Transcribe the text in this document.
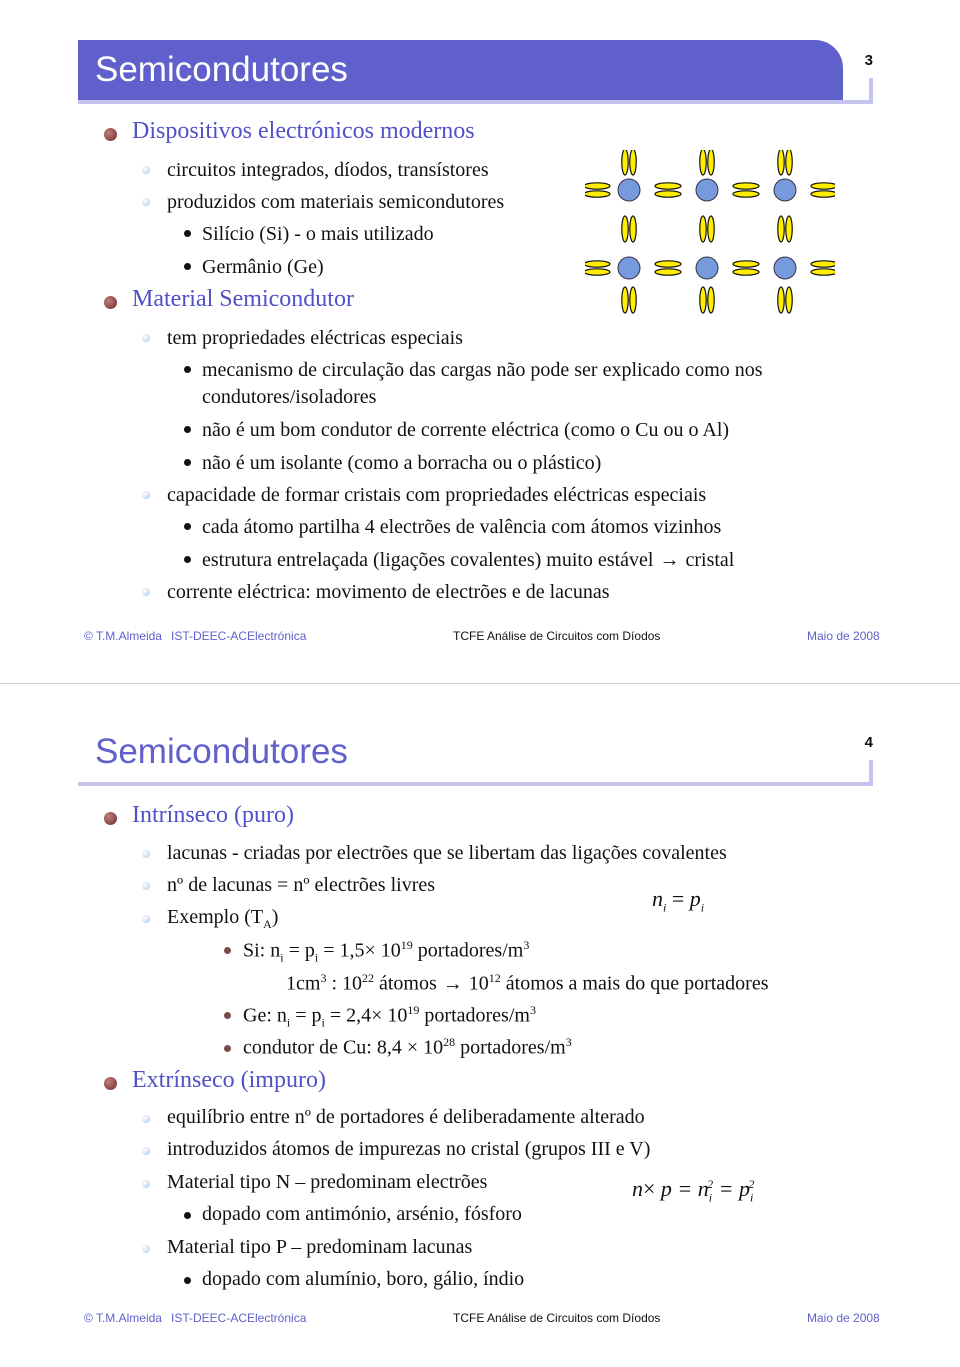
Semicondutores	3
Dispositivos electrónicos modernos
circuitos integrados, díodos, transístores
produzidos com materiais semicondutores
Silício (Si) - o mais utilizado
Germânio (Ge)
Material Semicondutor
tem propriedades eléctricas especiais
mecanismo de circulação das cargas não pode ser explicado como nos
condutores/isoladores
não é um bom condutor de corrente eléctrica (como o Cu ou o Al)
não é um isolante (como a borracha ou o plástico)
capacidade de formar cristais com propriedades eléctricas especiais
cada átomo partilha 4 electrões de valência com átomos vizinhos
estrutura entrelaçada (ligações covalentes) muito estável → cristal
corrente eléctrica: movimento de electrões e de lacunas
© T.M.Almeida IST-DEEC-ACElectrónica	TCFE Análise de Circuitos com Díodos	Maio de 2008
Semicondutores	4
Intrínseco (puro)
lacunas - criadas por electrões que se libertam das ligações covalentes
nº de lacunas = nº electrões livres
Exemplo $(T_A)$
$n_i = p_i$
Si: $n_i = p_i = 1,5\times 10^{19}$ portadores/$m^3$
$1cm^3$ : $10^{22}$ átomos → $10^{12}$ átomos a mais do que portadores
Ge: $n_i = p_i = 2,4\times 10^{19}$ portadores/$m^3$
condutor de Cu: $8,4 \times 10^{28}$ portadores/$m^3$
Extrínseco (impuro)
equilíbrio entre nº de portadores é deliberadamente alterado
introduzidos átomos de impurezas no cristal (grupos III e V)
Material tipo N – predominam electrões	$n\times p = n_i^2 = p_i^2$
dopado com antimónio, arsénio, fósforo
Material tipo P – predominam lacunas
dopado com alumínio, boro, gálio, índio
© T.M.Almeida IST-DEEC-ACElectrónica	TCFE Análise de Circuitos com Díodos	Maio de 2008
